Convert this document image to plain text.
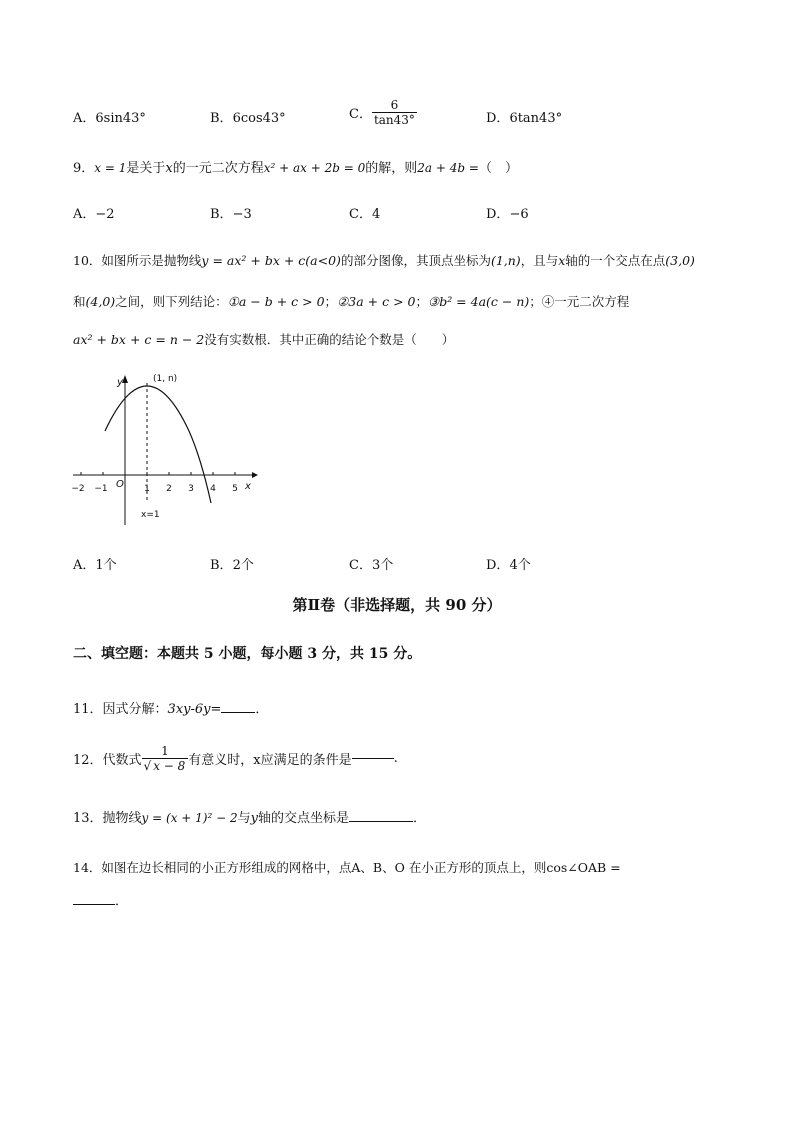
A．6sin43°	B．6cos43°	C． $\frac{6}{\tan 43^\circ}$	D．6tan43°
9．x = 1是关于x的一元二次方程x² + ax + 2b = 0的解，则2a + 4b =（　）
A．−2	B．−3	C．4	D．−6
10．如图所示是抛物线y = ax² + bx + c(a<0)的部分图像，其顶点坐标为(1,n)，且与x轴的一个交点在点(3,0)
和(4,0)之间，则下列结论：①a − b + c > 0；②3a + c > 0；③b² = 4a(c − n)；④一元二次方程
ax² + bx + c = n − 2没有实数根．其中正确的结论个数是（　　）
−2 −1	1 2 3 4 5
O
y
x
(1, n)
x=1
A．1个	B．2个	C．3个	D．4个
第Ⅱ卷（非选择题，共 90 分）
二、填空题：本题共 5 小题，每小题 3 分，共 15 分。
11．因式分解：3xy-6y=	．
12．代数式 $\frac{1}{√ x - 8}$ 有意义时，x应满足的条件是	.
13．抛物线y = (x + 1)² − 2与y轴的交点坐标是	．
14．如图在边长相同的小正方形组成的网格中，点A、B、O 在小正方形的顶点上，则cos∠OAB =
．
